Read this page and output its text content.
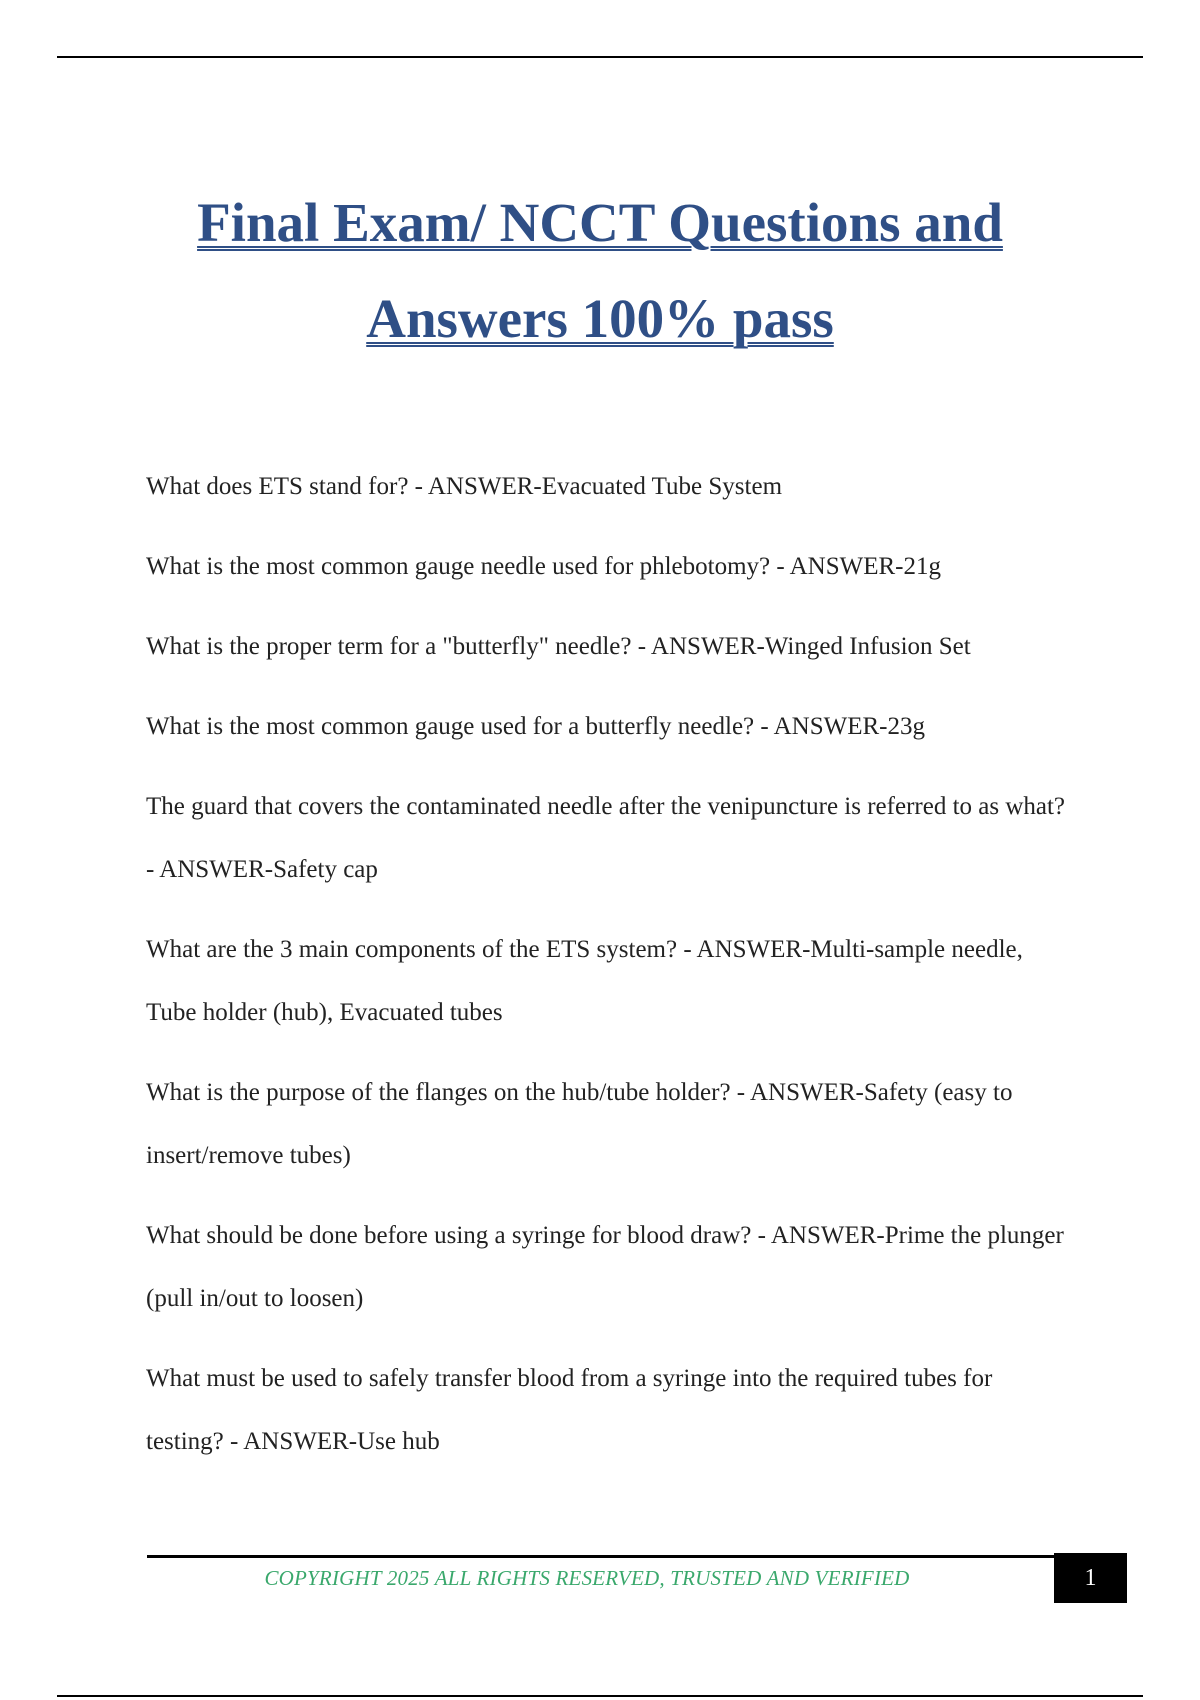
Final Exam/ NCCT Questions and

Answers 100% pass

What does ETS stand for? - ANSWER-Evacuated Tube System
What is the most common gauge needle used for phlebotomy? - ANSWER-21g
What is the proper term for a "butterfly" needle? - ANSWER-Winged Infusion Set
What is the most common gauge used for a butterfly needle? - ANSWER-23g
The guard that covers the contaminated needle after the venipuncture is referred to as what? - ANSWER-Safety cap
What are the 3 main components of the ETS system? - ANSWER-Multi-sample needle, Tube holder (hub), Evacuated tubes
What is the purpose of the flanges on the hub/tube holder? - ANSWER-Safety (easy to insert/remove tubes)
What should be done before using a syringe for blood draw? - ANSWER-Prime the plunger (pull in/out to loosen)
What must be used to safely transfer blood from a syringe into the required tubes for testing? - ANSWER-Use hub
COPYRIGHT 2025 ALL RIGHTS RESERVED, TRUSTED AND VERIFIED	1
